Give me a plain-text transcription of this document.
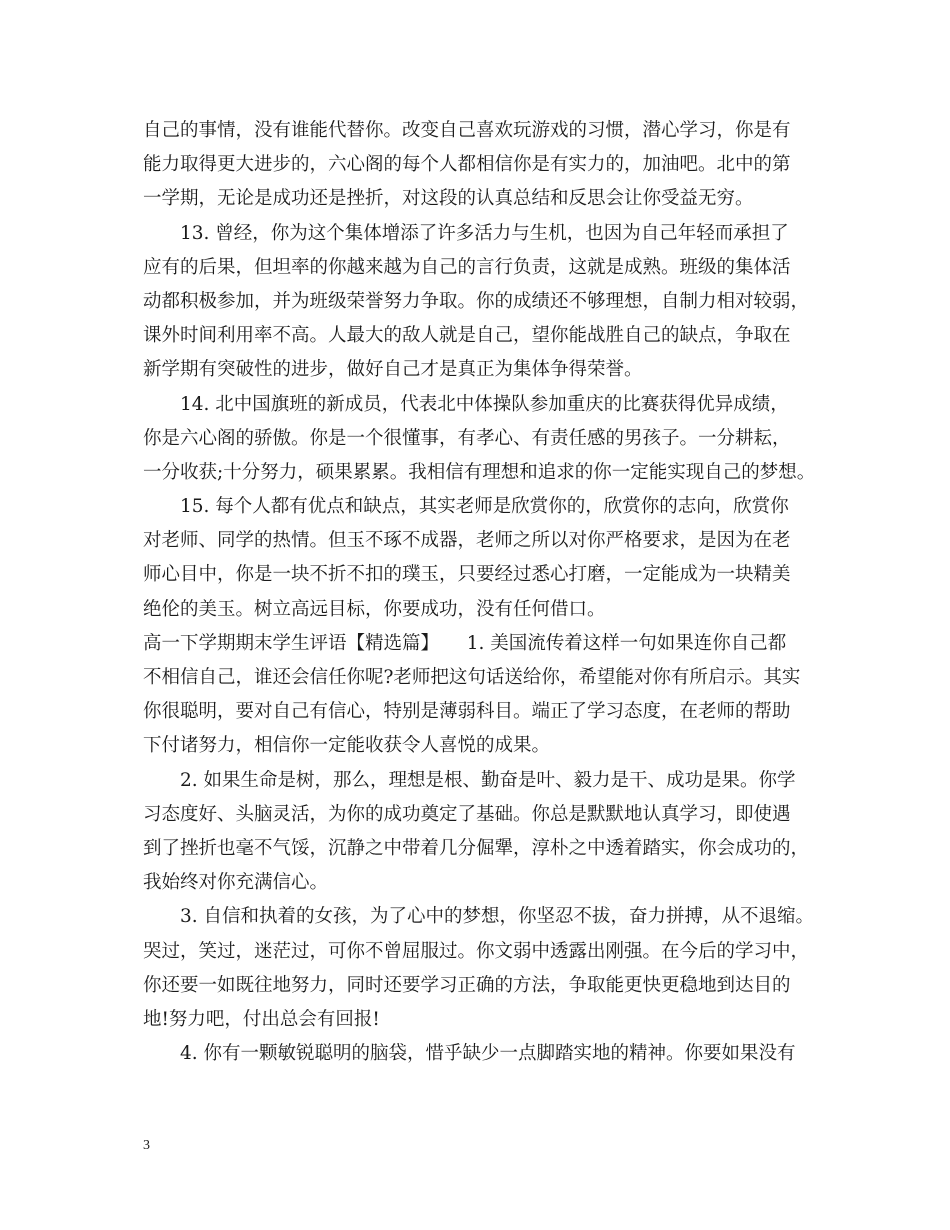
自己的事情，没有谁能代替你。改变自己喜欢玩游戏的习惯，潜心学习，你是有
能力取得更大进步的，六心阁的每个人都相信你是有实力的，加油吧。北中的第
一学期，无论是成功还是挫折，对这段的认真总结和反思会让你受益无穷。
13. 曾经，你为这个集体增添了许多活力与生机，也因为自己年轻而承担了
应有的后果，但坦率的你越来越为自己的言行负责，这就是成熟。班级的集体活
动都积极参加，并为班级荣誉努力争取。你的成绩还不够理想，自制力相对较弱，
课外时间利用率不高。人最大的敌人就是自己，望你能战胜自己的缺点，争取在
新学期有突破性的进步，做好自己才是真正为集体争得荣誉。
14. 北中国旗班的新成员，代表北中体操队参加重庆的比赛获得优异成绩，
你是六心阁的骄傲。你是一个很懂事，有孝心、有责任感的男孩子。一分耕耘，
一分收获;十分努力，硕果累累。我相信有理想和追求的你一定能实现自己的梦想。
15. 每个人都有优点和缺点，其实老师是欣赏你的，欣赏你的志向，欣赏你
对老师、同学的热情。但玉不琢不成器，老师之所以对你严格要求，是因为在老
师心目中，你是一块不折不扣的璞玉，只要经过悉心打磨，一定能成为一块精美
绝伦的美玉。树立高远目标，你要成功，没有任何借口。
高一下学期期末学生评语【精选篇】　　1. 美国流传着这样一句如果连你自己都
不相信自己，谁还会信任你呢?老师把这句话送给你，希望能对你有所启示。其实
你很聪明，要对自己有信心，特别是薄弱科目。端正了学习态度，在老师的帮助
下付诸努力，相信你一定能收获令人喜悦的成果。
2. 如果生命是树，那么，理想是根、勤奋是叶、毅力是干、成功是果。你学
习态度好、头脑灵活，为你的成功奠定了基础。你总是默默地认真学习，即使遇
到了挫折也毫不气馁，沉静之中带着几分倔犟，淳朴之中透着踏实，你会成功的，
我始终对你充满信心。
3. 自信和执着的女孩，为了心中的梦想，你坚忍不拔，奋力拼搏，从不退缩。
哭过，笑过，迷茫过，可你不曾屈服过。你文弱中透露出刚强。在今后的学习中，
你还要一如既往地努力，同时还要学习正确的方法，争取能更快更稳地到达目的
地!努力吧，付出总会有回报!
4. 你有一颗敏锐聪明的脑袋，惜乎缺少一点脚踏实地的精神。你要如果没有
3
